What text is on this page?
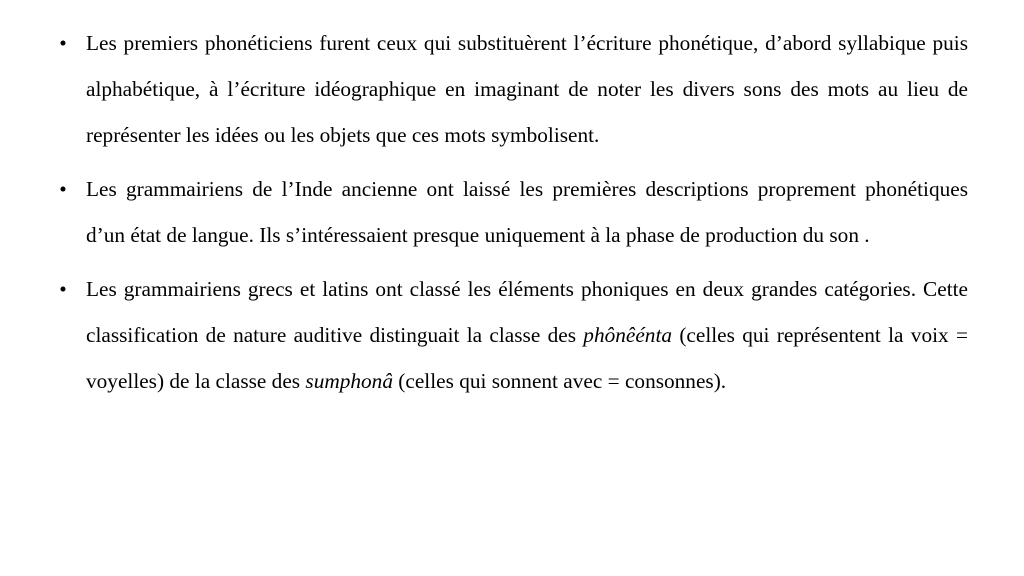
• Les premiers phonéticiens furent ceux qui substituèrent l’écriture phonétique, d’abord syllabique puis alphabétique, à l’écriture idéographique en imaginant de noter les divers sons des mots au lieu de représenter les idées ou les objets que ces mots symbolisent.
• Les grammairiens de l’Inde ancienne ont laissé les premières descriptions proprement phonétiques d’un état de langue. Ils s’intéressaient presque uniquement à la phase de production du son .
• Les grammairiens grecs et latins ont classé les éléments phoniques en deux grandes catégories. Cette classification de nature auditive distinguait la classe des phônêénta (celles qui représentent la voix = voyelles) de la classe des sumphonâ (celles qui sonnent avec = consonnes).
